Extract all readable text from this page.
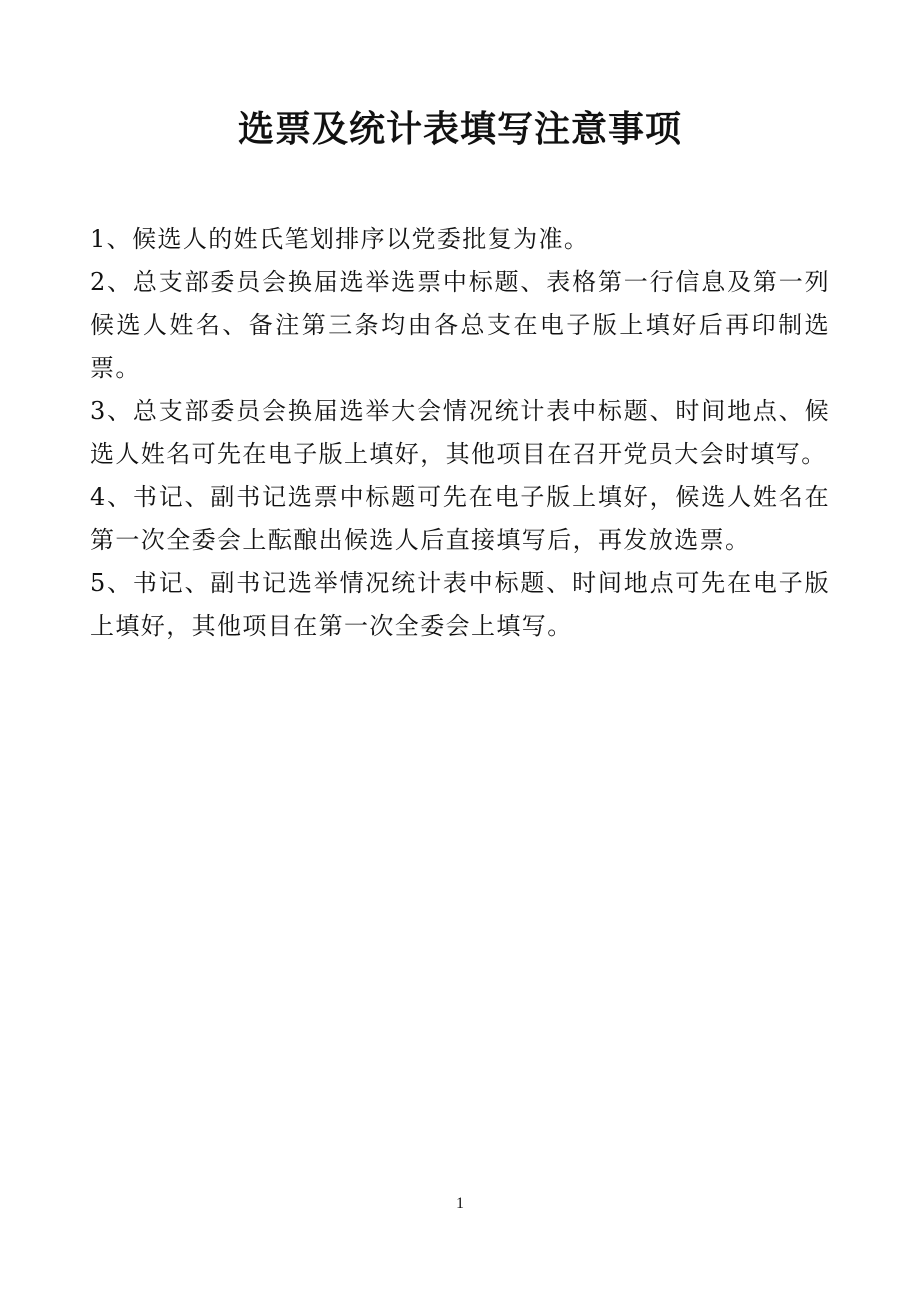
选票及统计表填写注意事项

1、候选人的姓氏笔划排序以党委批复为准。

2、总支部委员会换届选举选票中标题、表格第一行信息及第一列候选人姓名、备注第三条均由各总支在电子版上填好后再印制选票。

3、总支部委员会换届选举大会情况统计表中标题、时间地点、候选人姓名可先在电子版上填好，其他项目在召开党员大会时填写。

4、书记、副书记选票中标题可先在电子版上填好，候选人姓名在第一次全委会上酝酿出候选人后直接填写后，再发放选票。

5、书记、副书记选举情况统计表中标题、时间地点可先在电子版上填好，其他项目在第一次全委会上填写。

1
